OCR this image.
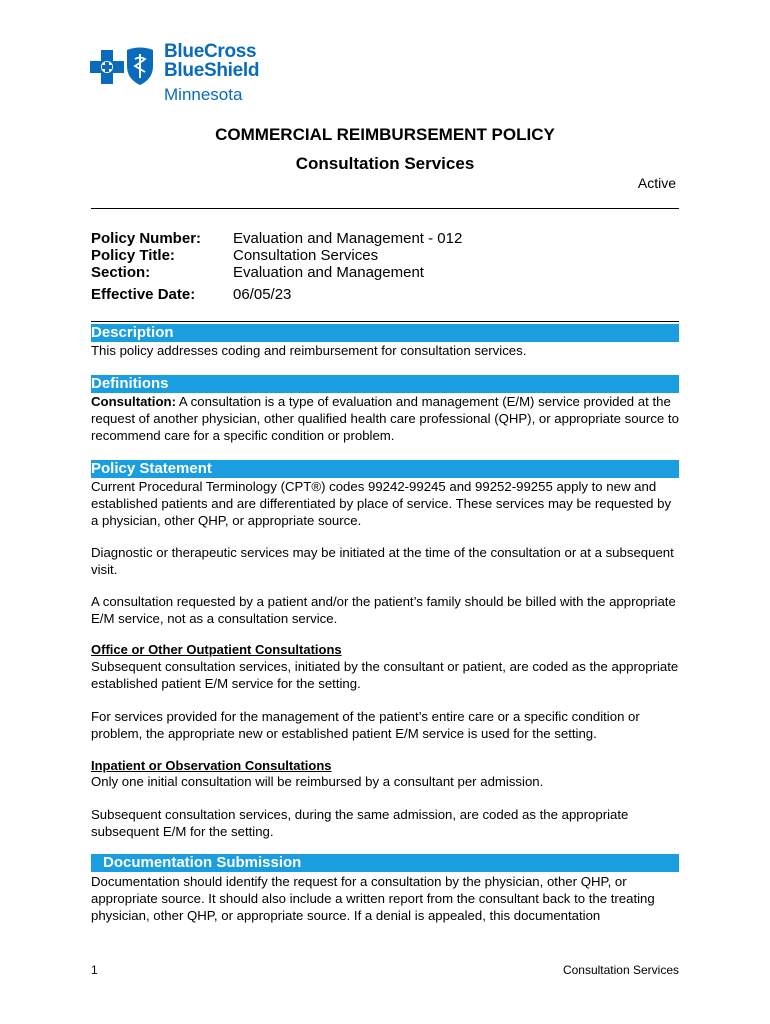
BlueCross
BlueShield
Minnesota
COMMERCIAL REIMBURSEMENT POLICY
Consultation Services
Active
Policy Number: Evaluation and Management - 012
Policy Title:	Consultation Services
Section:	Evaluation and Management
Effective Date:	06/05/23
Description
This policy addresses coding and reimbursement for consultation services.
Definitions
Consultation: A consultation is a type of evaluation and management (E/M) service provided at the request of another physician, other qualified health care professional (QHP), or appropriate source to recommend care for a specific condition or problem.
Policy Statement
Current Procedural Terminology (CPT®) codes 99242-99245 and 99252-99255 apply to new and established patients and are differentiated by place of service. These services may be requested by a physician, other QHP, or appropriate source.
Diagnostic or therapeutic services may be initiated at the time of the consultation or at a subsequent visit.
A consultation requested by a patient and/or the patient’s family should be billed with the appropriate E/M service, not as a consultation service.
Office or Other Outpatient Consultations
Subsequent consultation services, initiated by the consultant or patient, are coded as the appropriate established patient E/M service for the setting.
For services provided for the management of the patient’s entire care or a specific condition or problem, the appropriate new or established patient E/M service is used for the setting.
Inpatient or Observation Consultations
Only one initial consultation will be reimbursed by a consultant per admission.
Subsequent consultation services, during the same admission, are coded as the appropriate subsequent E/M for the setting.
Documentation Submission
Documentation should identify the request for a consultation by the physician, other QHP, or appropriate source. It should also include a written report from the consultant back to the treating physician, other QHP, or appropriate source. If a denial is appealed, this documentation
1	Consultation Services
